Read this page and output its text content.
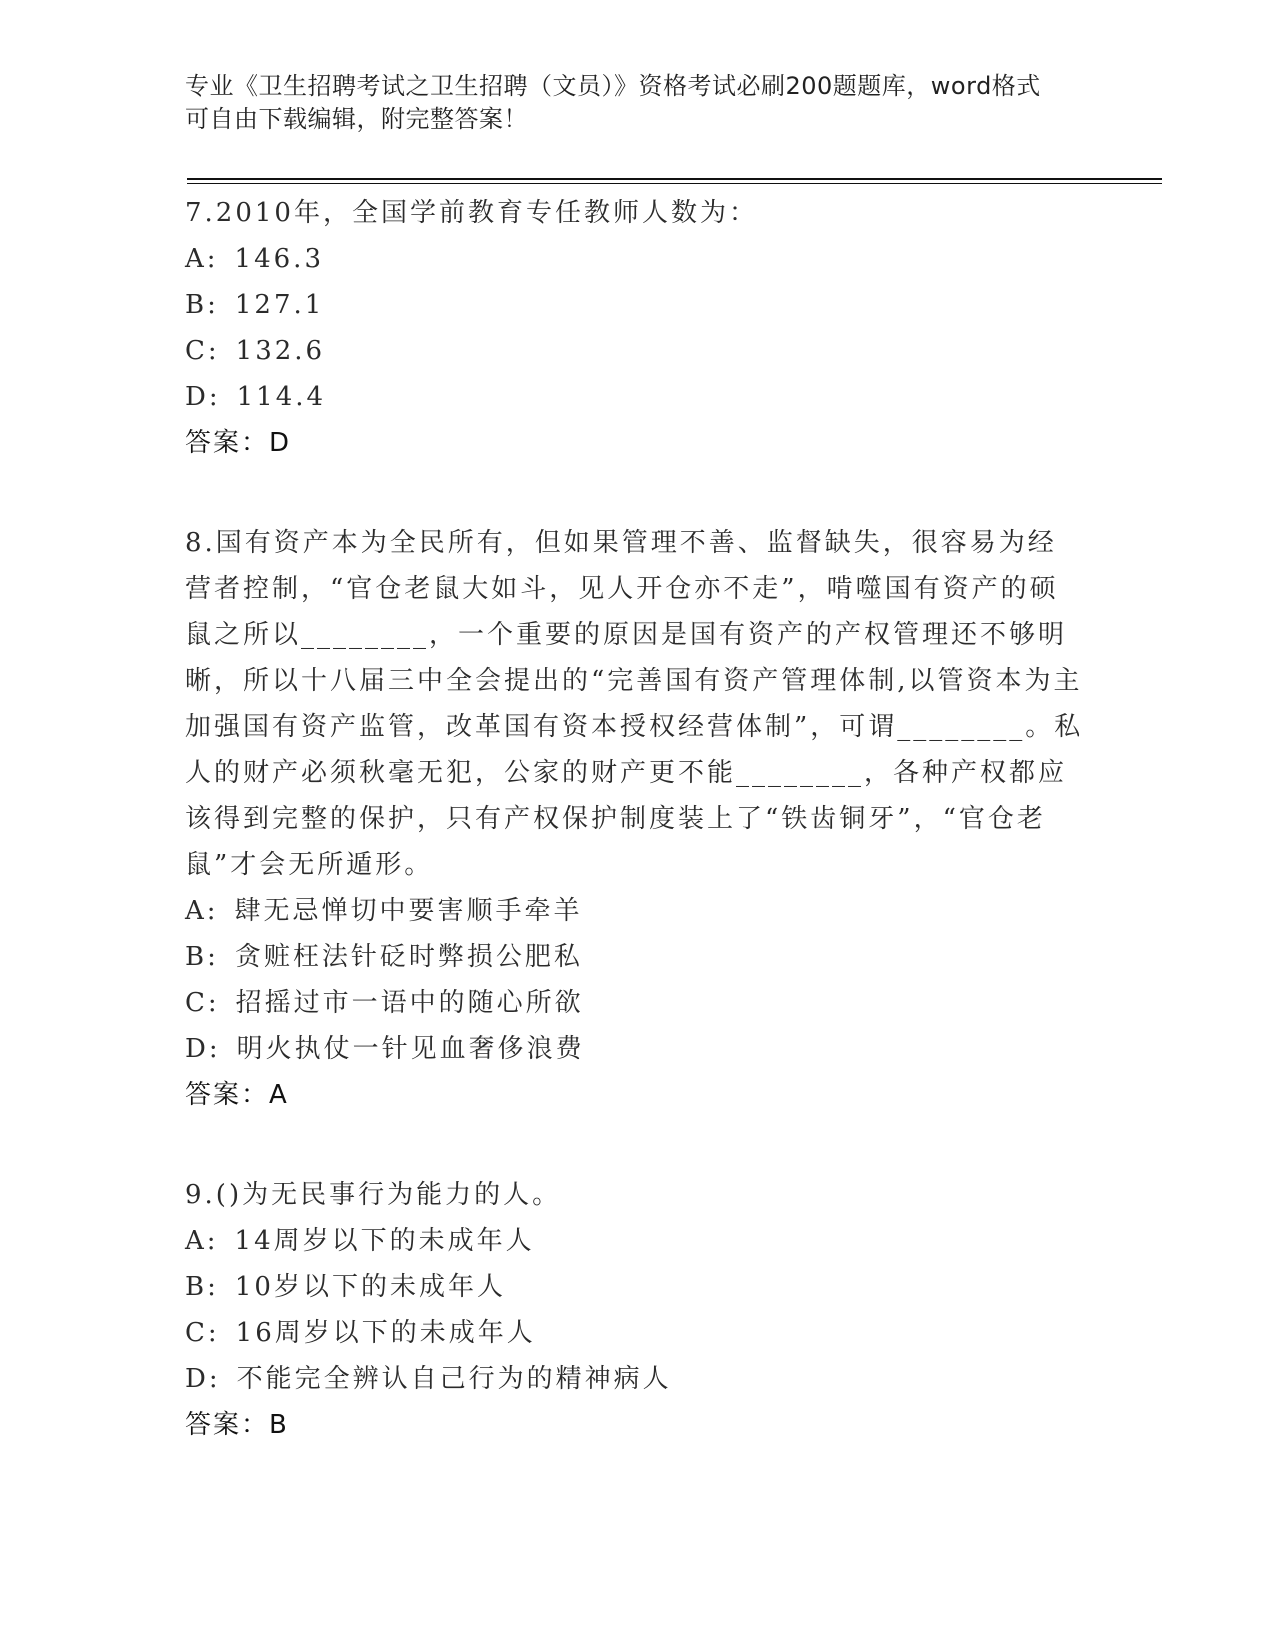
专业《卫生招聘考试之卫生招聘（文员）》资格考试必刷200题题库，word格式
可自由下载编辑，附完整答案！
7.2010年，全国学前教育专任教师人数为：
A: 146.3
B: 127.1
C: 132.6
D: 114.4
答案：D
8.国有资产本为全民所有，但如果管理不善、监督缺失，很容易为经营者控制，“官仓老鼠大如斗，见人开仓亦不走”，啃噬国有资产的硕鼠之所以________，一个重要的原因是国有资产的产权管理还不够明晰，所以十八届三中全会提出的“完善国有资产管理体制,以管资本为主加强国有资产监管，改革国有资本授权经营体制”，可谓________。私人的财产必须秋毫无犯，公家的财产更不能________，各种产权都应该得到完整的保护，只有产权保护制度装上了“铁齿铜牙”，“官仓老鼠”才会无所遁形。
A: 肆无忌惮切中要害顺手牵羊
B: 贪赃枉法针砭时弊损公肥私
C: 招摇过市一语中的随心所欲
D: 明火执仗一针见血奢侈浪费
答案：A
9.()为无民事行为能力的人。
A: 14周岁以下的未成年人
B: 10岁以下的未成年人
C: 16周岁以下的未成年人
D: 不能完全辨认自己行为的精神病人
答案：B
